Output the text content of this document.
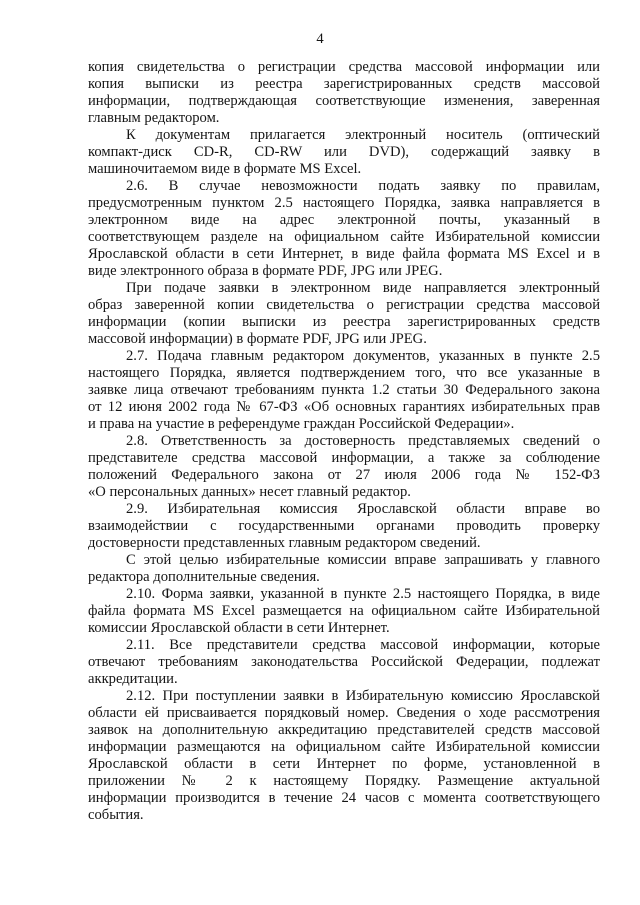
4
копия свидетельства о регистрации средства массовой информации или
копия выписки из реестра зарегистрированных средств массовой
информации, подтверждающая соответствующие изменения, заверенная
главным редактором.
К документам прилагается электронный носитель (оптический
компакт-диск CD-R, CD-RW или DVD), содержащий заявку в
машиночитаемом виде в формате MS Excel.
2.6. В случае невозможности подать заявку по правилам,
предусмотренным пунктом 2.5 настоящего Порядка, заявка направляется в
электронном виде на адрес электронной почты, указанный в
соответствующем разделе на официальном сайте Избирательной комиссии
Ярославской области в сети Интернет, в виде файла формата MS Excel и в
виде электронного образа в формате PDF, JPG или JPEG.
При подаче заявки в электронном виде направляется электронный
образ заверенной копии свидетельства о регистрации средства массовой
информации (копии выписки из реестра зарегистрированных средств
массовой информации) в формате PDF, JPG или JPEG.
2.7. Подача главным редактором документов, указанных в пункте 2.5
настоящего Порядка, является подтверждением того, что все указанные в
заявке лица отвечают требованиям пункта 1.2 статьи 30 Федерального закона
от 12 июня 2002 года № 67-ФЗ «Об основных гарантиях избирательных прав
и права на участие в референдуме граждан Российской Федерации».
2.8. Ответственность за достоверность представляемых сведений о
представителе средства массовой информации, а также за соблюдение
положений Федерального закона от 27 июля 2006 года № 152-ФЗ
«О персональных данных» несет главный редактор.
2.9. Избирательная комиссия Ярославской области вправе во
взаимодействии с государственными органами проводить проверку
достоверности представленных главным редактором сведений.
С этой целью избирательные комиссии вправе запрашивать у главного
редактора дополнительные сведения.
2.10. Форма заявки, указанной в пункте 2.5 настоящего Порядка, в виде
файла формата MS Excel размещается на официальном сайте Избирательной
комиссии Ярославской области в сети Интернет.
2.11. Все представители средства массовой информации, которые
отвечают требованиям законодательства Российской Федерации, подлежат
аккредитации.
2.12. При поступлении заявки в Избирательную комиссию Ярославской
области ей присваивается порядковый номер. Сведения о ходе рассмотрения
заявок на дополнительную аккредитацию представителей средств массовой
информации размещаются на официальном сайте Избирательной комиссии
Ярославской области в сети Интернет по форме, установленной в
приложении № 2 к настоящему Порядку. Размещение актуальной
информации производится в течение 24 часов с момента соответствующего
события.
